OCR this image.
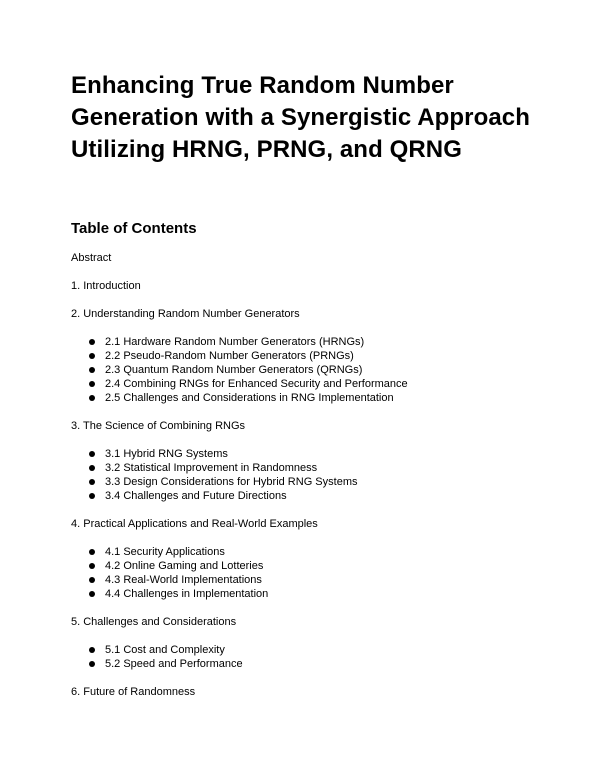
Enhancing True Random Number Generation with a Synergistic Approach Utilizing HRNG, PRNG, and QRNG
Table of Contents

Abstract

1. Introduction

2. Understanding Random Number Generators

2.1 Hardware Random Number Generators (HRNGs)
2.2 Pseudo-Random Number Generators (PRNGs)
2.3 Quantum Random Number Generators (QRNGs)
2.4 Combining RNGs for Enhanced Security and Performance
2.5 Challenges and Considerations in RNG Implementation

3. The Science of Combining RNGs

3.1 Hybrid RNG Systems
3.2 Statistical Improvement in Randomness
3.3 Design Considerations for Hybrid RNG Systems
3.4 Challenges and Future Directions

4. Practical Applications and Real-World Examples

4.1 Security Applications
4.2 Online Gaming and Lotteries
4.3 Real-World Implementations
4.4 Challenges in Implementation

5. Challenges and Considerations

5.1 Cost and Complexity
5.2 Speed and Performance

6. Future of Randomness
